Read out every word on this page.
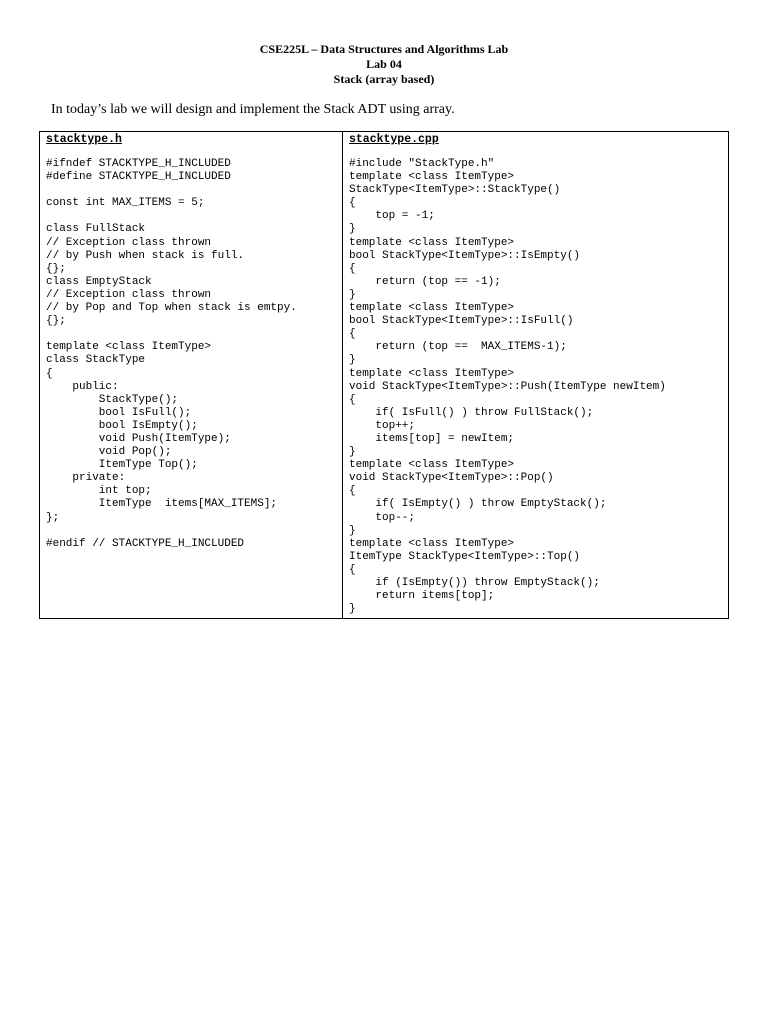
CSE225L – Data Structures and Algorithms Lab
Lab 04
Stack (array based)
In today’s lab we will design and implement the Stack ADT using array.
stacktype.h
#ifndef STACKTYPE_H_INCLUDED
#define STACKTYPE_H_INCLUDED

const int MAX_ITEMS = 5;

class FullStack
// Exception class thrown
// by Push when stack is full.
{};
class EmptyStack
// Exception class thrown
// by Pop and Top when stack is emtpy.
{};

template <class ItemType>
class StackType
{
public:
StackType();
bool IsFull();
bool IsEmpty();
void Push(ItemType);
void Pop();
ItemType Top();
private:
int top;
ItemType  items[MAX_ITEMS];
};

#endif // STACKTYPE_H_INCLUDED
stacktype.cpp
#include "StackType.h"
template <class ItemType>
StackType<ItemType>::StackType()
{
top = -1;
}
template <class ItemType>
bool StackType<ItemType>::IsEmpty()
{
return (top == -1);
}
template <class ItemType>
bool StackType<ItemType>::IsFull()
{
return (top ==  MAX_ITEMS-1);
}
template <class ItemType>
void StackType<ItemType>::Push(ItemType newItem)
{
if( IsFull() ) throw FullStack();
top++;
items[top] = newItem;
}
template <class ItemType>
void StackType<ItemType>::Pop()
{
if( IsEmpty() ) throw EmptyStack();
top--;
}
template <class ItemType>
ItemType StackType<ItemType>::Top()
{
if (IsEmpty()) throw EmptyStack();
return items[top];
}
